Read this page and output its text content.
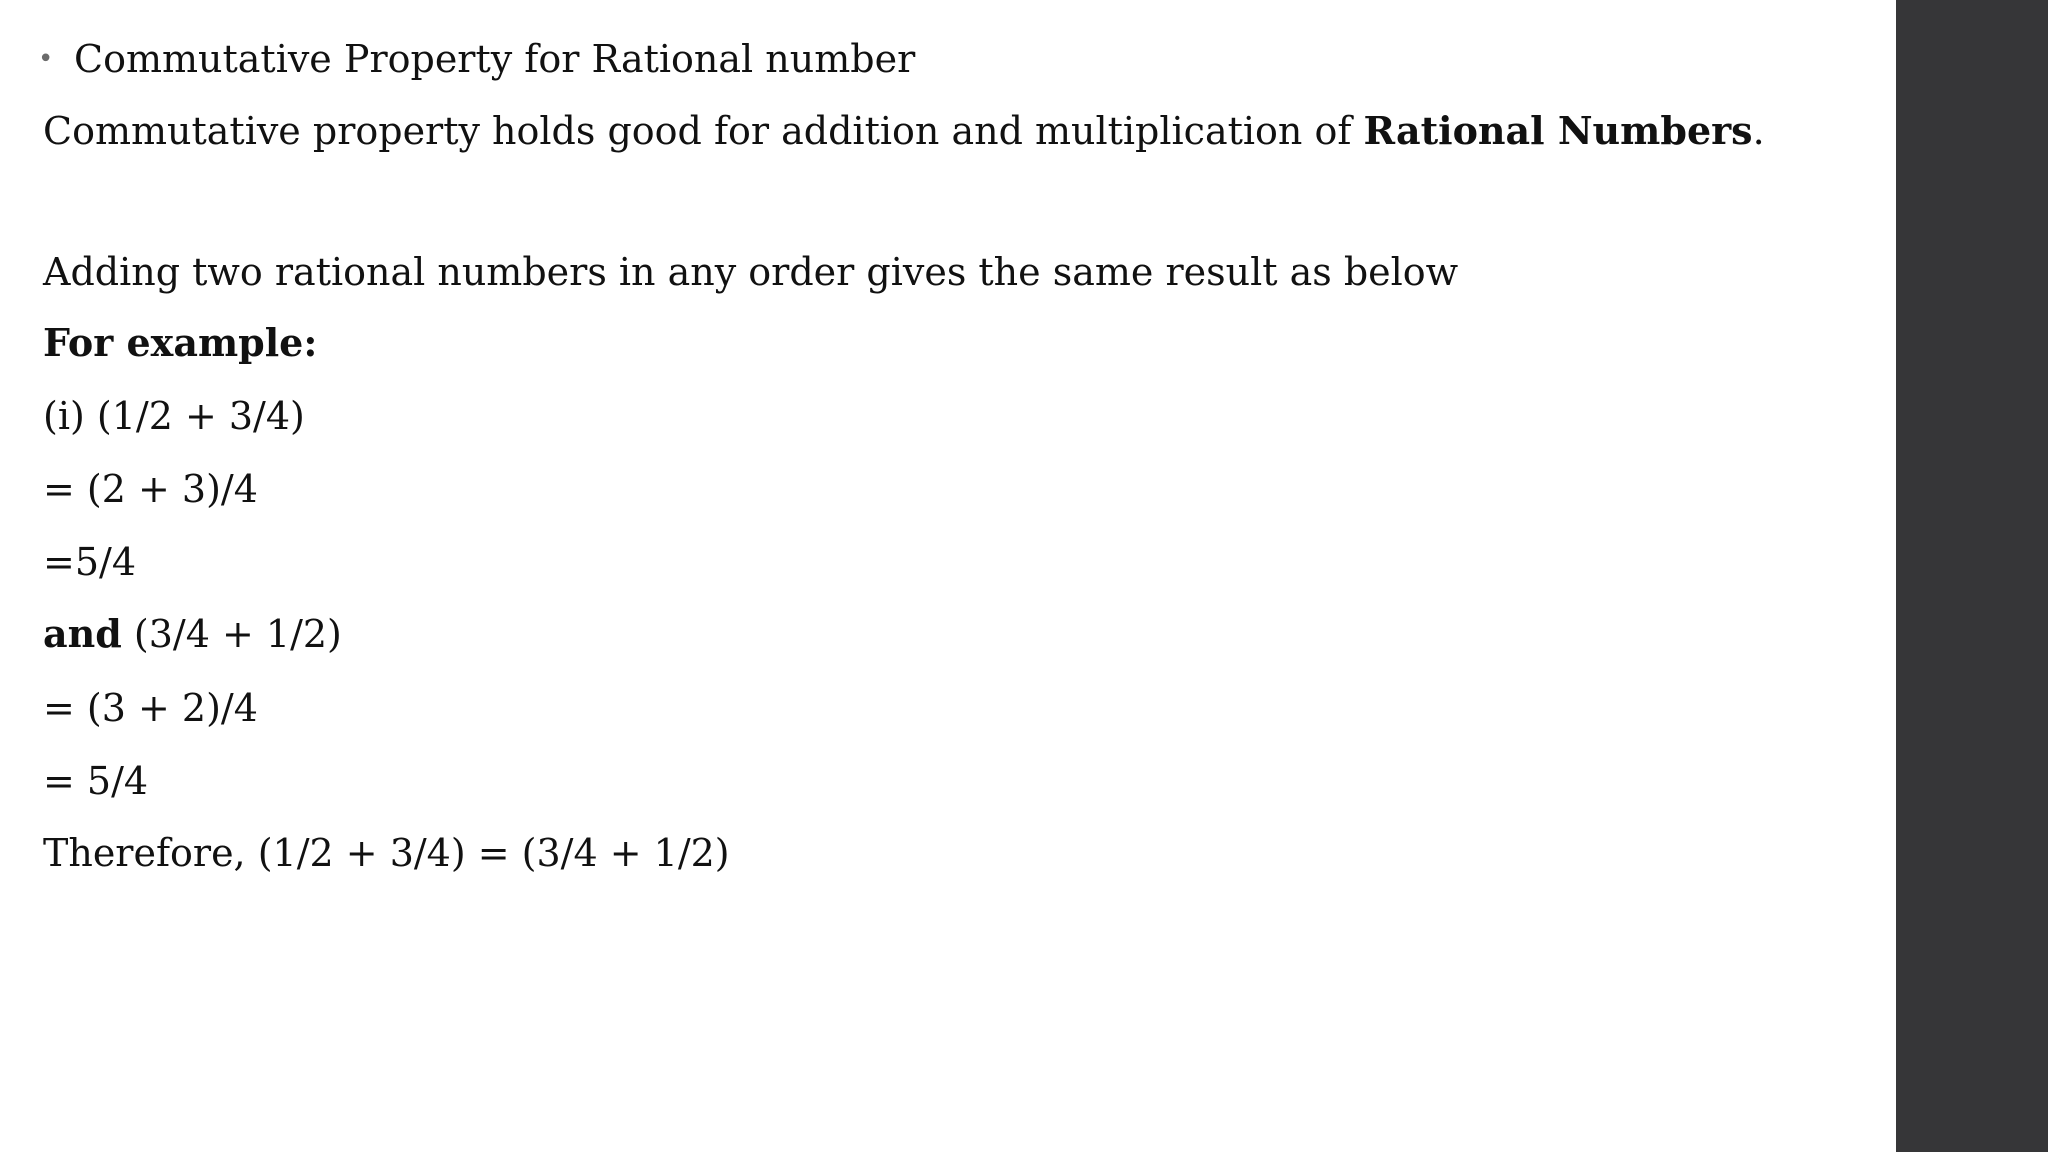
• Commutative Property for Rational number
Commutative property holds good for addition and multiplication of Rational Numbers.
Adding two rational numbers in any order gives the same result as below
For example:
(i) (1/2 + 3/4)
= (2 + 3)/4
=5/4
and (3/4 + 1/2)
= (3 + 2)/4
= 5/4
Therefore, (1/2 + 3/4) = (3/4 + 1/2)
